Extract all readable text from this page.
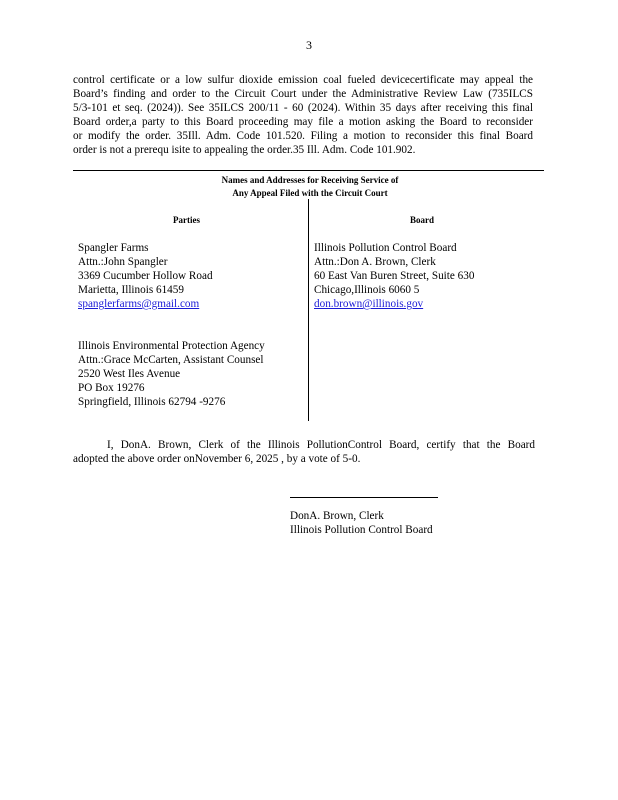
3
control certificate or a low sulfur dioxide emission coal fueled devicecertificate may appeal the
Board’s finding and order to the Circuit Court under the Administrative Review Law (735ILCS
5/3-101 et seq. (2024)). See 35ILCS 200/11 - 60 (2024). Within 35 days after receiving this final
Board order,a party to this Board proceeding may file a motion asking the Board to reconsider
or modify the order. 35Ill. Adm. Code 101.520. Filing a motion to reconsider this final Board
order is not a prerequ isite to appealing the order.35 Ill. Adm. Code 101.902.
Names and Addresses for Receiving Service of
Any Appeal Filed with the Circuit Court
Parties	Board
Spangler Farms
Attn.:John Spangler
3369 Cucumber Hollow Road
Marietta, Illinois 61459
spanglerfarms@gmail.com
Illinois Pollution Control Board
Attn.:Don A. Brown, Clerk
60 East Van Buren Street, Suite 630
Chicago,Illinois 6060 5
don.brown@illinois.gov
Illinois Environmental Protection Agency
Attn.:Grace McCarten, Assistant Counsel
2520 West Iles Avenue
PO Box 19276
Springfield, Illinois 62794 -9276
I, DonA. Brown, Clerk of the Illinois PollutionControl Board, certify that the Board
adopted the above order onNovember 6, 2025 , by a vote of 5-0.
DonA. Brown, Clerk
Illinois Pollution Control Board
